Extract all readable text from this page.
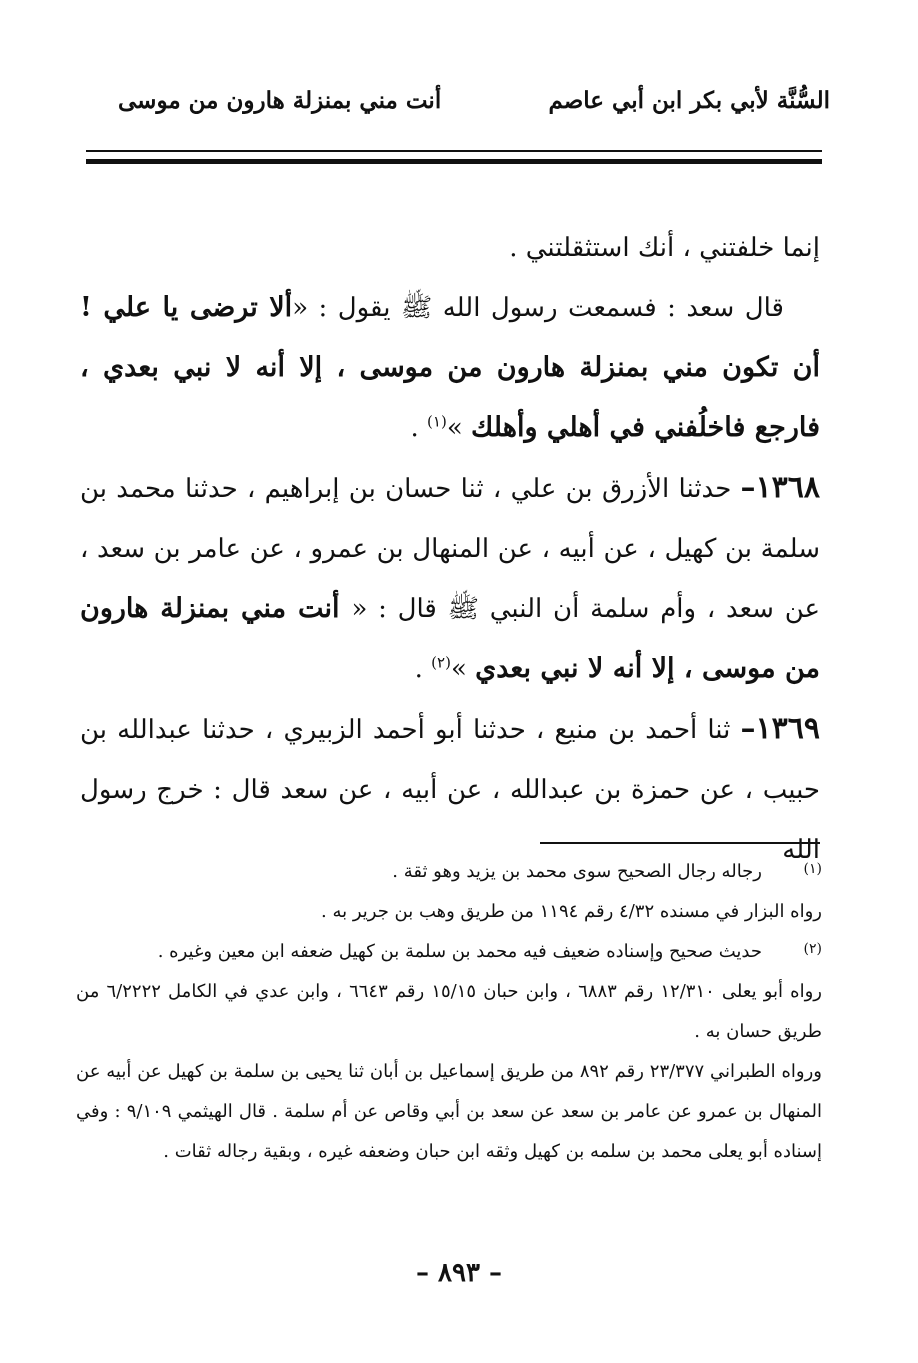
السُّنَّة لأبي بكر ابن أبي عاصم
أنت مني بمنزلة هارون من موسى

إنما خلفتني ، أنك استثقلتني .

قال سعد : فسمعت رسول الله ﷺ يقول : «ألا ترضى يا علي ! أن تكون مني بمنزلة هارون من موسى ، إلا أنه لا نبي بعدي ، فارجع فاخلُفني في أهلي وأهلك »$^{(١)}$ .

١٣٦٨– حدثنا الأزرق بن علي ، ثنا حسان بن إبراهيم ، حدثنا محمد بن سلمة بن كهيل ، عن أبيه ، عن المنهال بن عمرو ، عن عامر بن سعد ، عن سعد ، وأم سلمة أن النبي ﷺ قال : « أنت مني بمنزلة هارون من موسى ، إلا أنه لا نبي بعدي »$^{(٢)}$ .

١٣٦٩– ثنا أحمد بن منيع ، حدثنا أبو أحمد الزبيري ، حدثنا عبدالله بن حبيب ، عن حمزة بن عبدالله ، عن أبيه ، عن سعد قال : خرج رسول الله

(١)

رجاله رجال الصحيح سوى محمد بن يزيد وهو ثقة .

رواه البزار في مسنده ٤/٣٢ رقم ١١٩٤ من طريق وهب بن جرير به .

(٢)

حديث صحيح وإسناده ضعيف فيه محمد بن سلمة بن كهيل ضعفه ابن معين وغيره .

رواه أبو يعلى ١٢/٣١٠ رقم ٦٨٨٣ ، وابن حبان ١٥/١٥ رقم ٦٦٤٣ ، وابن عدي في الكامل ٦/٢٢٢٢ من طريق حسان به .

ورواه الطبراني ٢٣/٣٧٧ رقم ٨٩٢ من طريق إسماعيل بن أبان ثنا يحيى بن سلمة بن كهيل عن أبيه عن المنهال بن عمرو عن عامر بن سعد عن سعد بن أبي وقاص عن أم سلمة . قال الهيثمي ٩/١٠٩ : وفي إسناده أبو يعلى محمد بن سلمه بن كهيل وثقه ابن حبان وضعفه غيره ، وبقية رجاله ثقات .

– ٨٩٣ –
